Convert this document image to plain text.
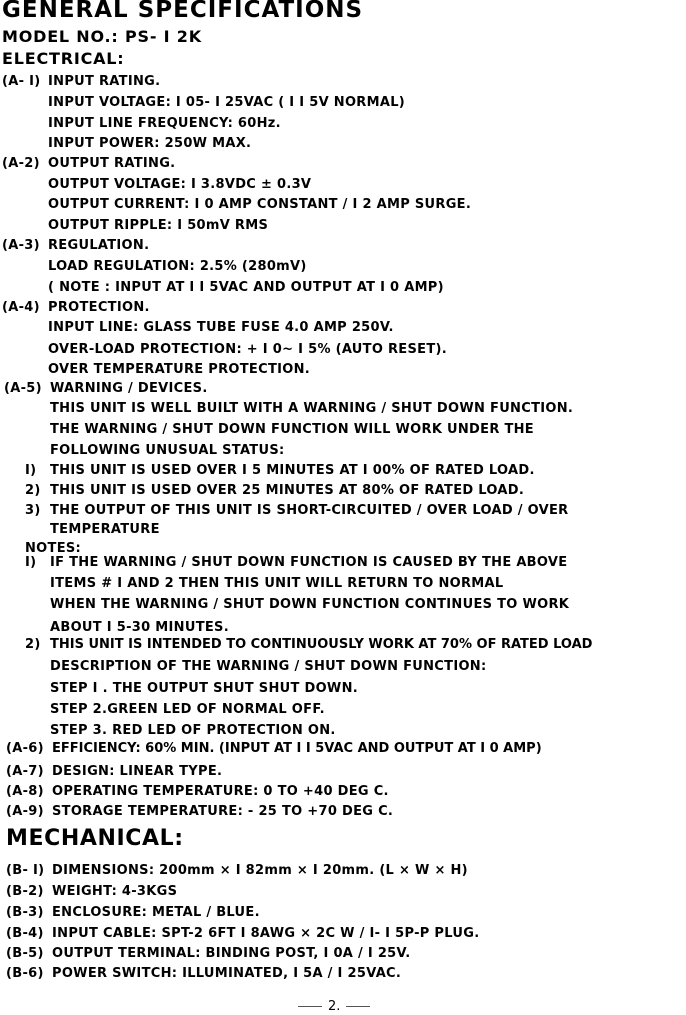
GENERAL SPECIFICATIONS
MODEL NO.: PS- I 2K
ELECTRICAL:
(A- I) INPUT RATING.
INPUT VOLTAGE: I 05- I 25VAC ( I I 5V NORMAL)
INPUT LINE FREQUENCY: 60Hz.
INPUT POWER: 250W MAX.
(A-2) OUTPUT RATING.
OUTPUT VOLTAGE: I 3.8VDC ± 0.3V
OUTPUT CURRENT: I 0 AMP CONSTANT / I 2 AMP SURGE.
OUTPUT RIPPLE: I 50mV RMS
(A-3) REGULATION.
LOAD REGULATION: 2.5% (280mV)
( NOTE : INPUT AT I I 5VAC AND OUTPUT AT I 0 AMP)
(A-4) PROTECTION.
INPUT LINE: GLASS TUBE FUSE 4.0 AMP 250V.
OVER-LOAD PROTECTION: + I 0~ I 5% (AUTO RESET).
OVER TEMPERATURE PROTECTION.
(A-5) WARNING / DEVICES.
THIS UNIT IS WELL BUILT WITH A WARNING / SHUT DOWN FUNCTION.
THE WARNING / SHUT DOWN FUNCTION WILL WORK UNDER THE
FOLLOWING UNUSUAL STATUS:
I) THIS UNIT IS USED OVER I 5 MINUTES AT I 00% OF RATED LOAD.
2) THIS UNIT IS USED OVER 25 MINUTES AT 80% OF RATED LOAD.
3) THE OUTPUT OF THIS UNIT IS SHORT-CIRCUITED / OVER LOAD / OVER
TEMPERATURE
NOTES:
I) IF THE WARNING / SHUT DOWN FUNCTION IS CAUSED BY THE ABOVE
ITEMS # I AND 2 THEN THIS UNIT WILL RETURN TO NORMAL
WHEN THE WARNING / SHUT DOWN FUNCTION CONTINUES TO WORK
ABOUT I 5-30 MINUTES.
2) THIS UNIT IS INTENDED TO CONTINUOUSLY WORK AT 70% OF RATED LOAD
DESCRIPTION OF THE WARNING / SHUT DOWN FUNCTION:
STEP I . THE OUTPUT SHUT SHUT DOWN.
STEP 2.GREEN LED OF NORMAL OFF.
STEP 3. RED LED OF PROTECTION ON.
(A-6) EFFICIENCY: 60% MIN. (INPUT AT I I 5VAC AND OUTPUT AT I 0 AMP)
(A-7) DESIGN: LINEAR TYPE.
(A-8) OPERATING TEMPERATURE: 0 TO +40 DEG C.
(A-9) STORAGE TEMPERATURE: - 25 TO +70 DEG C.
MECHANICAL:
(B- I) DIMENSIONS: 200mm × I 82mm × I 20mm. (L × W × H)
(B-2) WEIGHT: 4-3KGS
(B-3) ENCLOSURE: METAL / BLUE.
(B-4) INPUT CABLE: SPT-2 6FT I 8AWG × 2C W / I- I 5P-P PLUG.
(B-5) OUTPUT TERMINAL: BINDING POST, I 0A / I 25V.
(B-6) POWER SWITCH: ILLUMINATED, I 5A / I 25VAC.
2.
